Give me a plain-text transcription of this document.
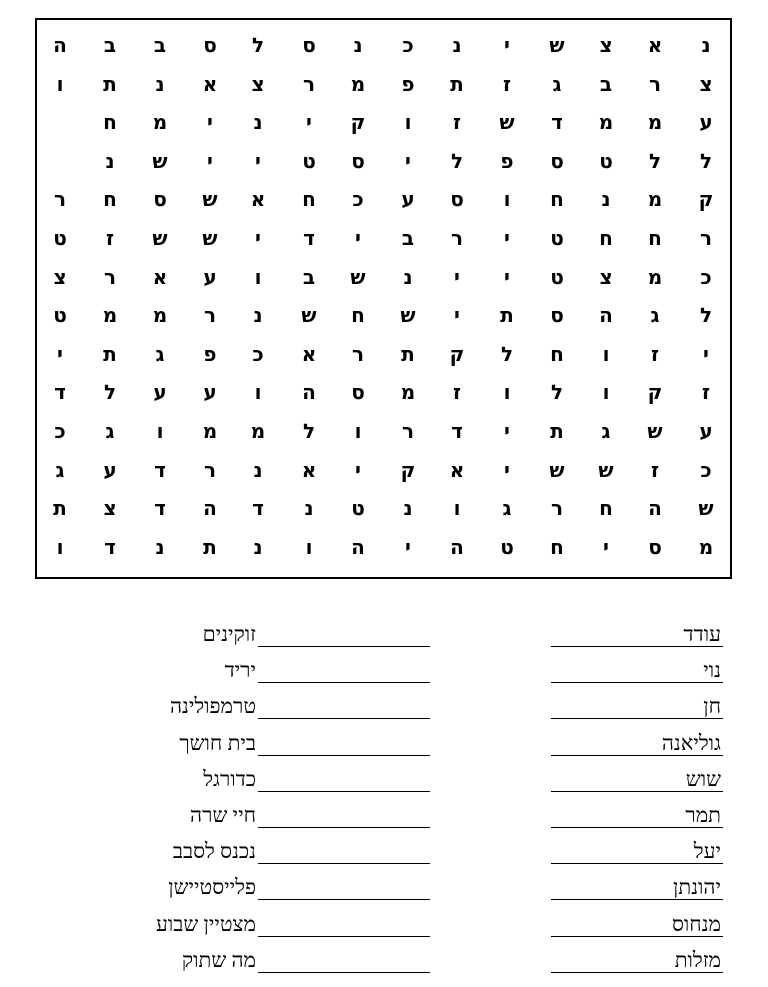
נ
א
צ
ש
י
נ
כ
נ
ס
ל
ס
ב
ב
ה
צ
ר
ב
ג
ז
ת
פ
מ
ר
צ
א
נ
ת
ו
ע
מ
מ
ד
ש
ז
ו
ק
י
נ
י
מ
ח
ל
ל
ט
ס
פ
ל
י
ס
ט
י
י
ש
נ
ק
מ
נ
ח
ו
ס
ע
כ
ח
א
ש
ס
ח
ר
ר
ח
ח
ט
י
ר
ב
י
ד
י
ש
ש
ז
ט
כ
מ
צ
ט
י
י
נ
ש
ב
ו
ע
א
ר
צ
ל
ג
ה
ס
ת
י
ש
ח
ש
נ
ר
מ
מ
ט
י
ז
ו
ח
ל
ק
ת
ר
א
כ
פ
ג
ת
י
ז
ק
ו
ל
ו
ז
מ
ס
ה
ו
ע
ע
ל
ד
ע
ש
ג
ת
י
ד
ר
ו
ל
מ
מ
ו
ג
כ
כ
ז
ש
ש
י
א
ק
י
א
נ
ר
ד
ע
ג
ש
ה
ח
ר
ג
ו
נ
ט
נ
ד
ה
ד
צ
ת
מ
ס
י
ח
ט
ה
י
ה
ו
נ
ת
נ
ד
ו
עודד
נוי
חן
גוליאנה
שוש
תמר
יעל
יהונתן
מנחוס
מזלות
זוקינים
יריד
טרמפולינה
בית חושך
כדורגל
חיי שרה
נכנס לסבב
פלייסטיישן
מצטיין שבוע
מה שתוק
